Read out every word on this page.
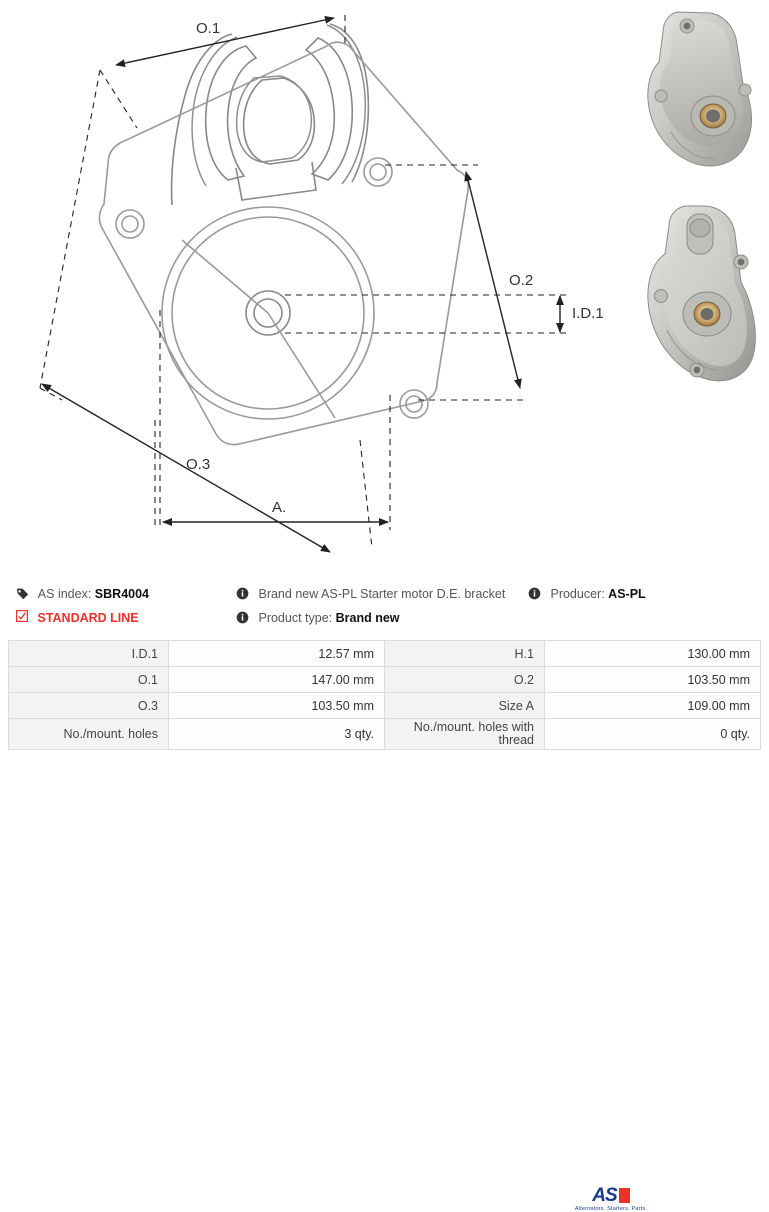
O.1
O.2
I.D.1
O.3
A.
AS index: SBR4004	Brand new AS-PL Starter motor D.E. bracket	Producer: AS-PL
STANDARD LINE	Product type: Brand new
AS
Alternators. Starters. Parts.
I.D.1	12.57 mm	H.1	130.00 mm
O.1	147.00 mm	O.2	103.50 mm
O.3	103.50 mm	Size A	109.00 mm
No./mount. holes	3 qty.	No./mount. holes with thread	0 qty.
